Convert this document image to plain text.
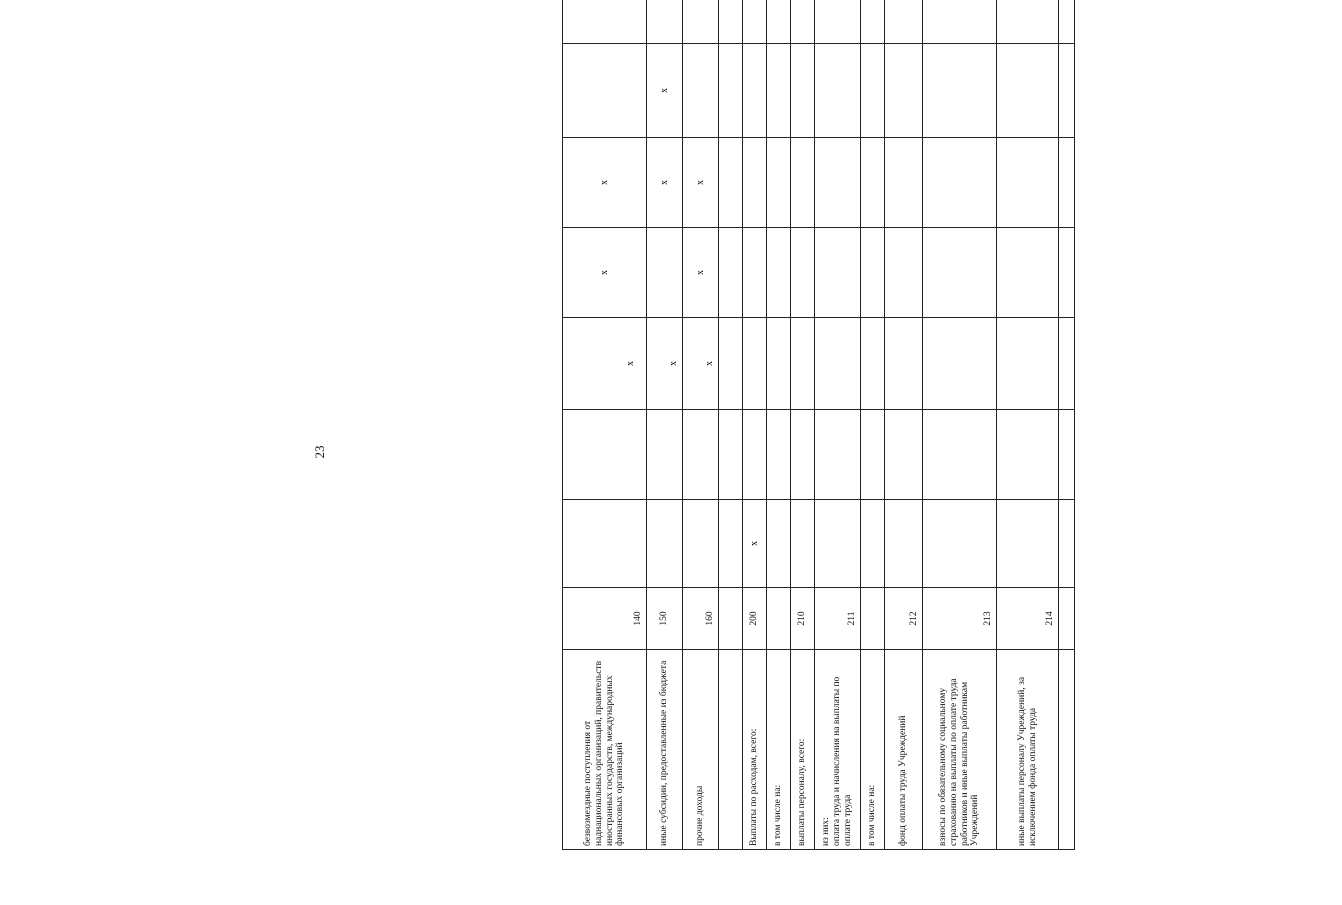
23
безвозмездные поступления от наднациональных организаций, правительств иностранных государств, международных финансовых организаций	140			х	х	х		
иные субсидии, предоставленные из бюджета	150			х		х	х	
прочие доходы	160			х	х	х		

Выплаты по расходам, всего:	200	х						
в том числе на:								
выплаты персоналу, всего:	210							
из них:
оплата труда и начисления на выплаты по оплате труда	211							
в том числе на:								
фонд оплаты труда Учреждений	212							
взносы по обязательному социальному страхованию на выплаты по оплате труда работников и иные выплаты работникам Учреждений	213							
иные выплаты персоналу Учреждений, за исключением фонда оплаты труда	214							
